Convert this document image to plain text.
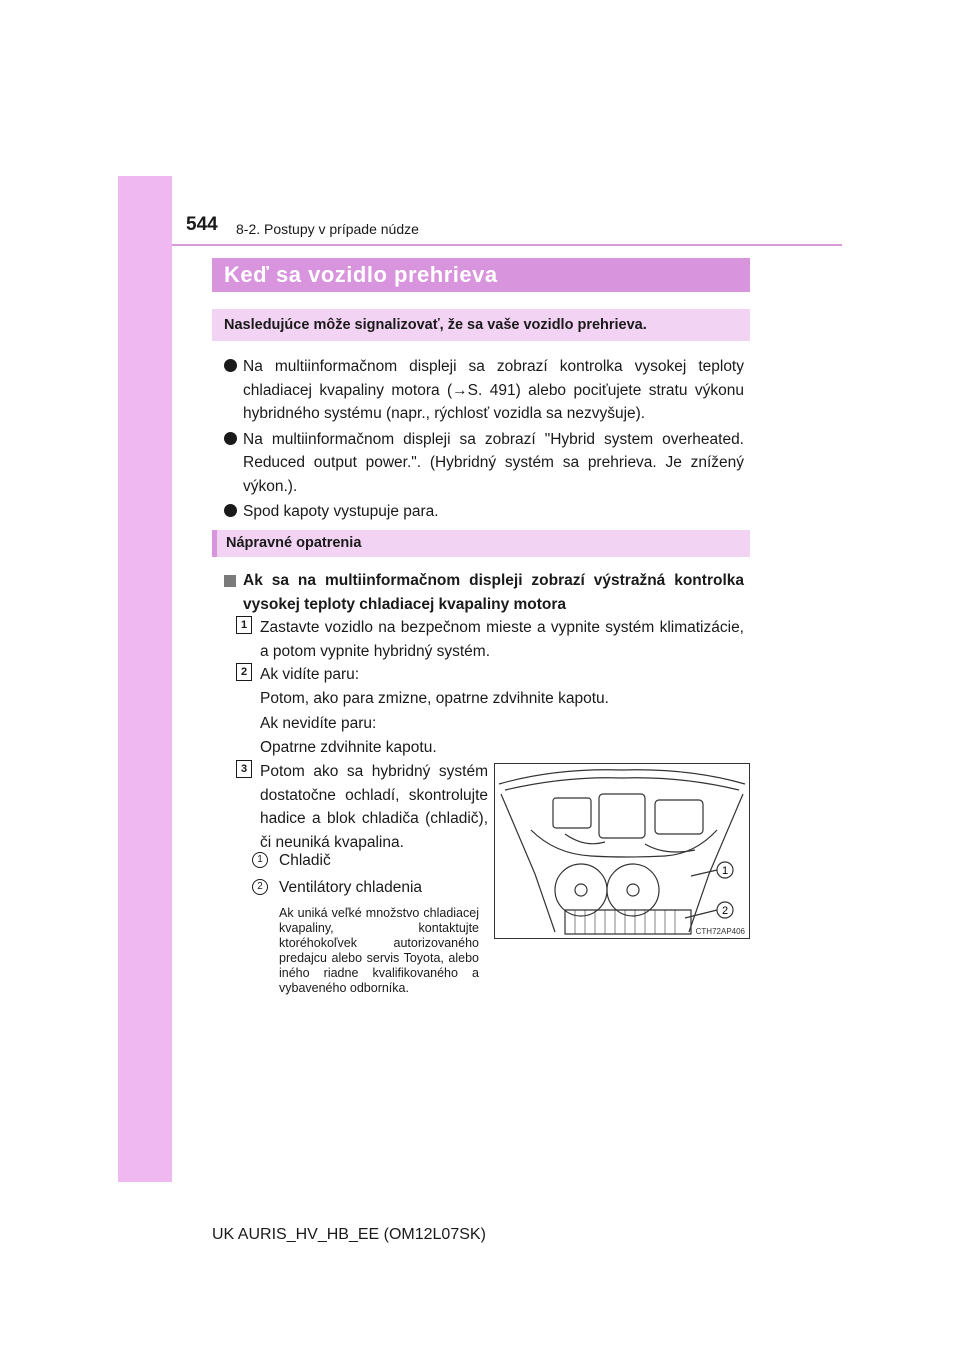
544 8-2. Postupy v prípade núdze
Keď sa vozidlo prehrieva
Nasledujúce môže signalizovať, že sa vaše vozidlo prehrieva.
Na multiinformačnom displeji sa zobrazí kontrolka vysokej teploty chladiacej kvapaliny motora (→S. 491) alebo pociťujete stratu výkonu hybridného systému (napr., rýchlosť vozidla sa nezvyšuje).
Na multiinformačnom displeji sa zobrazí "Hybrid system overheated. Reduced output power.". (Hybridný systém sa prehrieva. Je znížený výkon.).
Spod kapoty vystupuje para.
Nápravné opatrenia
Ak sa na multiinformačnom displeji zobrazí výstražná kontrolka vysokej teploty chladiacej kvapaliny motora
1 Zastavte vozidlo na bezpečnom mieste a vypnite systém klimatizácie, a potom vypnite hybridný systém.
2 Ak vidíte paru:
Potom, ako para zmizne, opatrne zdvihnite kapotu.
Ak nevidíte paru:
Opatrne zdvihnite kapotu.
3 Potom ako sa hybridný systém dostatočne ochladí, skontrolujte hadice a blok chladiča (chladič), či neuniká kvapalina.
1	Chladič
2	Ventilátory chladenia
Ak uniká veľké množstvo chladiacej kvapaliny, kontaktujte ktoréhokoľvek autorizovaného predajcu alebo servis Toyota, alebo iného riadne kvalifikovaného a vybaveného odborníka.
1
2
CTH72AP406
UK AURIS_HV_HB_EE (OM12L07SK)
